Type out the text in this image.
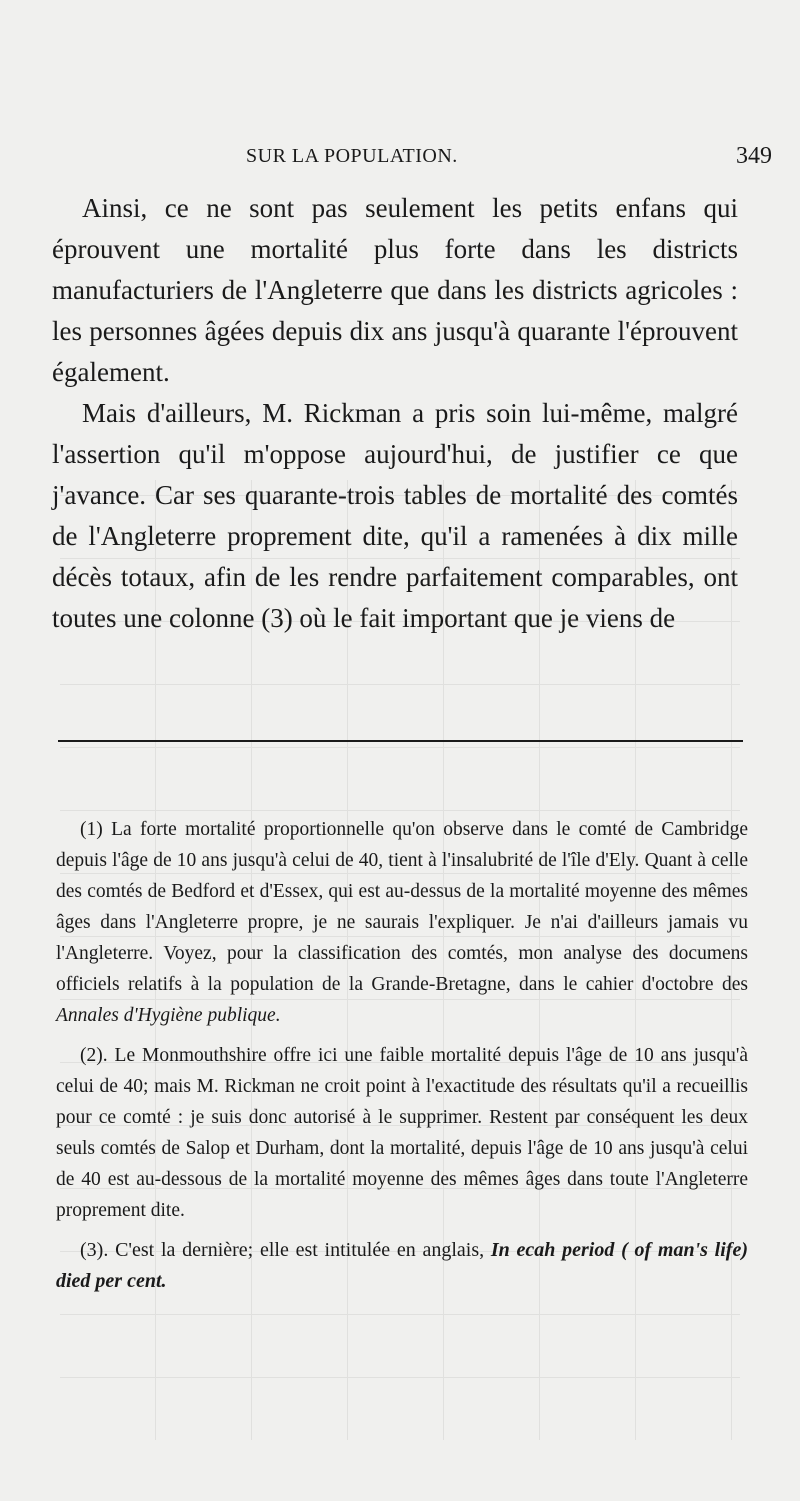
SUR LA POPULATION.	349

Ainsi, ce ne sont pas seulement les petits enfans qui éprouvent une mortalité plus forte dans les districts manufacturiers de l'Angleterre que dans les districts agricoles : les personnes âgées depuis dix ans jusqu'à quarante l'éprouvent également.

Mais d'ailleurs, M. Rickman a pris soin lui-même, malgré l'assertion qu'il m'oppose aujourd'hui, de justifier ce que j'avance. Car ses quarante-trois tables de mortalité des comtés de l'Angleterre proprement dite, qu'il a ramenées à dix mille décès totaux, afin de les rendre parfaitement comparables, ont toutes une colonne (3) où le fait important que je viens de

(1) La forte mortalité proportionnelle qu'on observe dans le comté de Cambridge depuis l'âge de 10 ans jusqu'à celui de 40, tient à l'insalubrité de l'île d'Ely. Quant à celle des comtés de Bedford et d'Essex, qui est au-dessus de la mortalité moyenne des mêmes âges dans l'Angleterre propre, je ne saurais l'expliquer. Je n'ai d'ailleurs jamais vu l'Angleterre. Voyez, pour la classification des comtés, mon analyse des documens officiels relatifs à la population de la Grande-Bretagne, dans le cahier d'octobre des Annales d'Hygiène publique.

(2). Le Monmouthshire offre ici une faible mortalité depuis l'âge de 10 ans jusqu'à celui de 40; mais M. Rickman ne croit point à l'exactitude des résultats qu'il a recueillis pour ce comté : je suis donc autorisé à le supprimer. Restent par conséquent les deux seuls comtés de Salop et Durham, dont la mortalité, depuis l'âge de 10 ans jusqu'à celui de 40 est au-dessous de la mortalité moyenne des mêmes âges dans toute l'Angleterre proprement dite.

(3). C'est la dernière; elle est intitulée en anglais, In ecah period ( of man's life) died per cent.
